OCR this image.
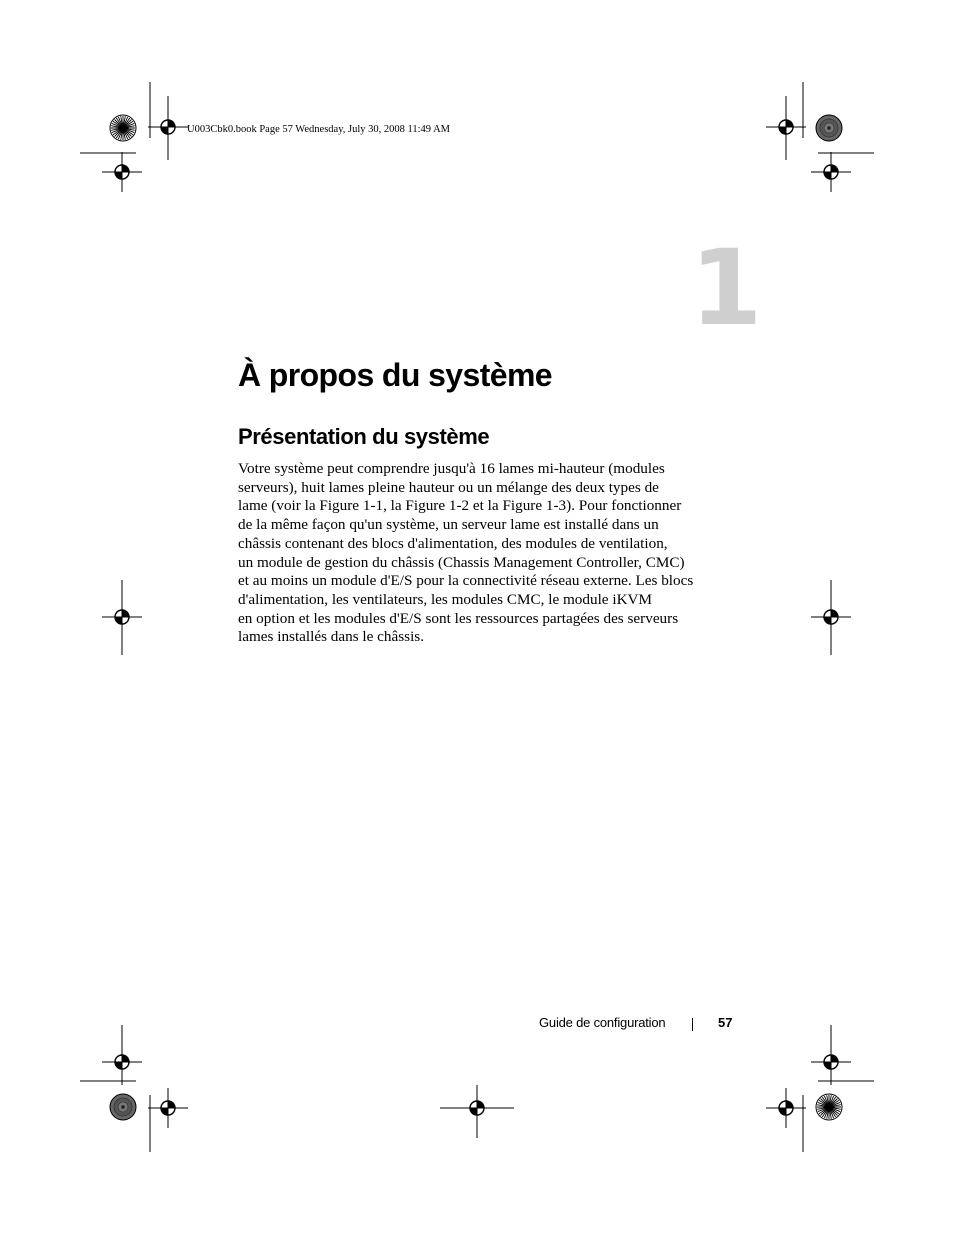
U003Cbk0.book Page 57 Wednesday, July 30, 2008 11:49 AM
1
À propos du système
Présentation du système
Votre système peut comprendre jusqu'à 16 lames mi-hauteur (modules
serveurs), huit lames pleine hauteur ou un mélange des deux types de
lame (voir la Figure 1-1, la Figure 1-2 et la Figure 1-3). Pour fonctionner
de la même façon qu'un système, un serveur lame est installé dans un
châssis contenant des blocs d'alimentation, des modules de ventilation,
un module de gestion du châssis (Chassis Management Controller, CMC)
et au moins un module d'E/S pour la connectivité réseau externe. Les blocs
d'alimentation, les ventilateurs, les modules CMC, le module iKVM
en option et les modules d'E/S sont les ressources partagées des serveurs
lames installés dans le châssis.
Guide de configuration	57
